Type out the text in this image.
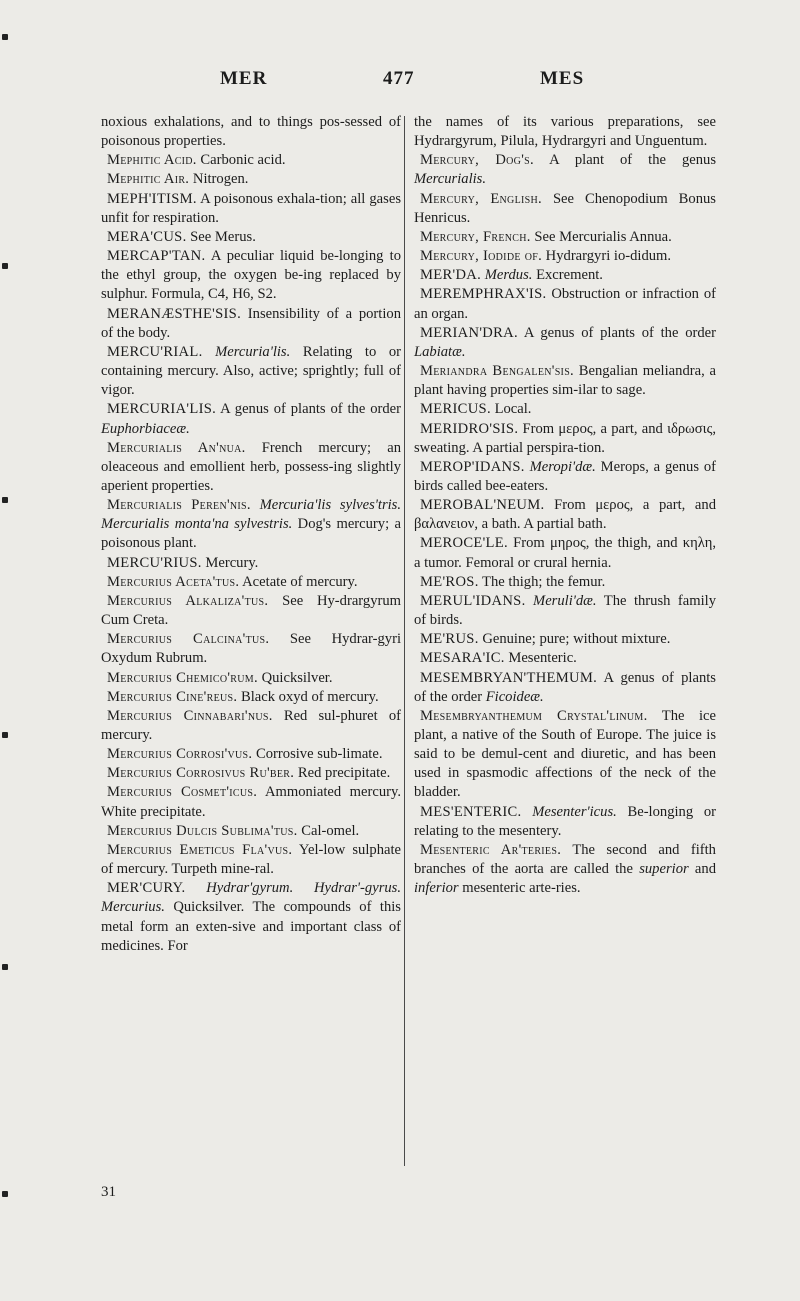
MER	477	MES

noxious exhalations, and to things pos-sessed of poisonous properties.

Mephitic Acid. Carbonic acid.

Mephitic Air. Nitrogen.

MEPH'ITISM. A poisonous exhala-tion; all gases unfit for respiration.

MERA'CUS. See Merus.

MERCAP'TAN. A peculiar liquid be-longing to the ethyl group, the oxygen be-ing replaced by sulphur. Formula, C4, H6, S2.

MERANÆSTHE'SIS. Insensibility of a portion of the body.

MERCU'RIAL. Mercuria'lis. Relating to or containing mercury. Also, active; sprightly; full of vigor.

MERCURIA'LIS. A genus of plants of the order Euphorbiaceæ.

Mercurialis An'nua. French mercury; an oleaceous and emollient herb, possess-ing slightly aperient properties.

Mercurialis Peren'nis. Mercuria'lis sylves'tris. Mercurialis monta'na sylvestris. Dog's mercury; a poisonous plant.

MERCU'RIUS. Mercury.

Mercurius Aceta'tus. Acetate of mercury.

Mercurius Alkaliza'tus. See Hy-drargyrum Cum Creta.

Mercurius Calcina'tus. See Hydrar-gyri Oxydum Rubrum.

Mercurius Chemico'rum. Quicksilver.

Mercurius Cine'reus. Black oxyd of mercury.

Mercurius Cinnabari'nus. Red sul-phuret of mercury.

Mercurius Corrosi'vus. Corrosive sub-limate.

Mercurius Corrosivus Ru'ber. Red precipitate.

Mercurius Cosmet'icus. Ammoniated mercury. White precipitate.

Mercurius Dulcis Sublima'tus. Cal-omel.

Mercurius Emeticus Fla'vus. Yel-low sulphate of mercury. Turpeth mine-ral.

MER'CURY. Hydrar'gyrum. Hydrar'-gyrus. Mercurius. Quicksilver. The compounds of this metal form an exten-sive and important class of medicines. For

the names of its various preparations, see Hydrargyrum, Pilula, Hydrargyri and Unguentum.

Mercury, Dog's. A plant of the genus Mercurialis.

Mercury, English. See Chenopodium Bonus Henricus.

Mercury, French. See Mercurialis Annua.

Mercury, Iodide of. Hydrargyri io-didum.

MER'DA. Merdus. Excrement.

MEREMPHRAX'IS. Obstruction or infraction of an organ.

MERIAN'DRA. A genus of plants of the order Labiatæ.

Meriandra Bengalen'sis. Bengalian meliandra, a plant having properties sim-ilar to sage.

MERICUS. Local.

MERIDRO'SIS. From μερος, a part, and ιδρωσις, sweating. A partial perspira-tion.

MEROP'IDANS. Meropi'dæ. Merops, a genus of birds called bee-eaters.

MEROBAL'NEUM. From μερος, a part, and βαλανειον, a bath. A partial bath.

MEROCE'LE. From μηρος, the thigh, and κηλη, a tumor. Femoral or crural hernia.

ME'ROS. The thigh; the femur.

MERUL'IDANS. Meruli'dæ. The thrush family of birds.

ME'RUS. Genuine; pure; without mixture.

MESARA'IC. Mesenteric.

MESEMBRYAN'THEMUM. A genus of plants of the order Ficoideæ.

Mesembryanthemum Crystal'linum. The ice plant, a native of the South of Europe. The juice is said to be demul-cent and diuretic, and has been used in spasmodic affections of the neck of the bladder.

MES'ENTERIC. Mesenter'icus. Be-longing or relating to the mesentery.

Mesenteric Ar'teries. The second and fifth branches of the aorta are called the superior and inferior mesenteric arte-ries.

31
